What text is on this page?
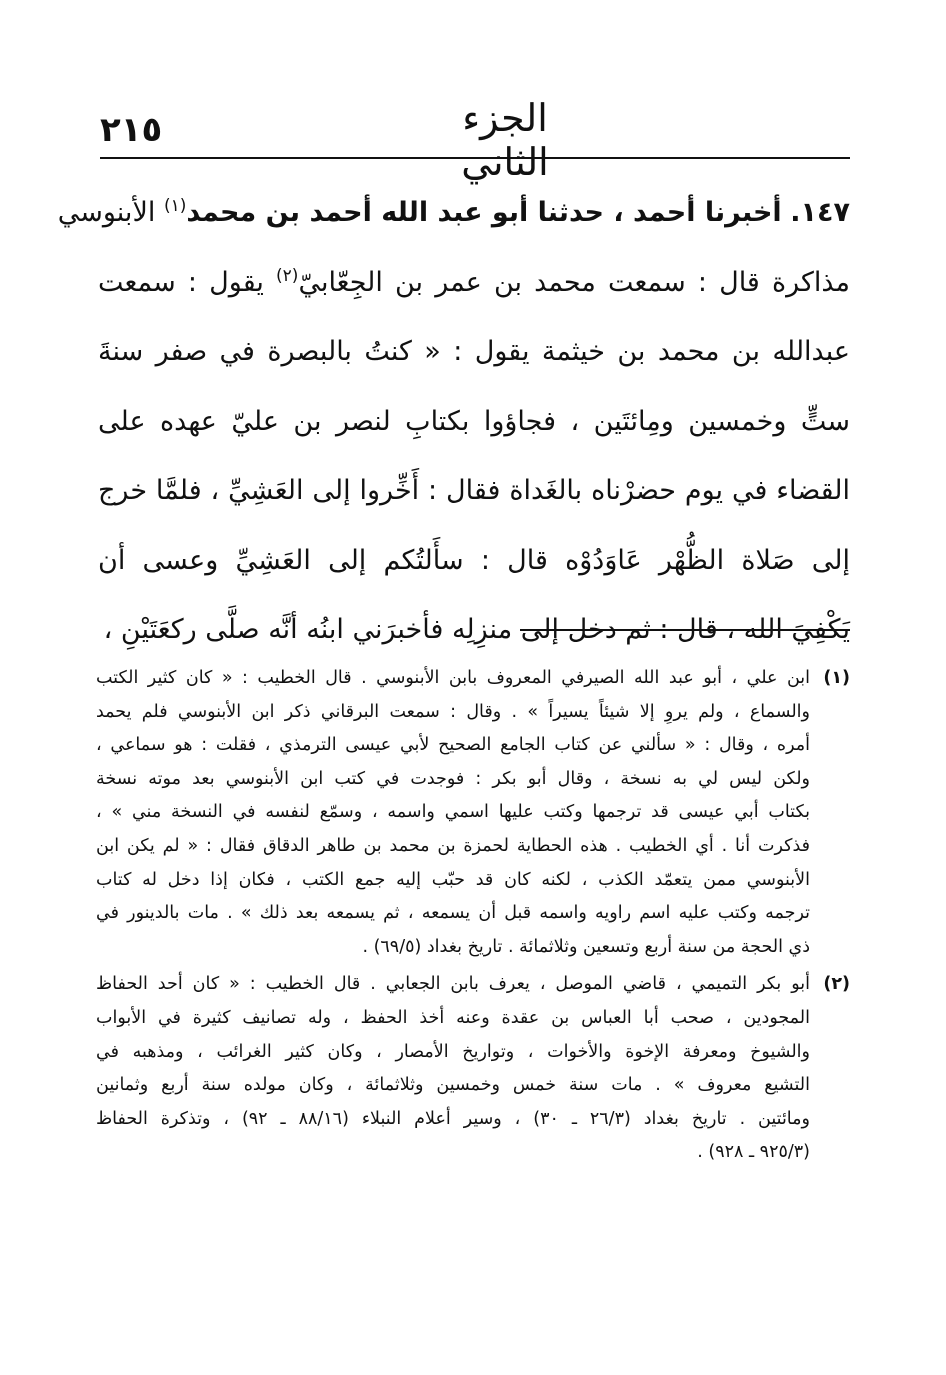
الجزء الثاني
٢١٥
١٤٧. أخبرنا أحمد ، حدثنا أبو عبد الله أحمد بن محمد$^{(١)}$ الأبنوسي
مذاكرة قال : سمعت محمد بن عمر بن الجِعّابيّ$^{(٢)}$ يقول : سمعت
عبدالله بن محمد بن خيثمة يقول : « كنتُ بالبصرة في صفر سنةَ
ستٍّ وخمسين ومِائتَين ، فجاؤوا بكتابِ لنصر بن عليّ عهده على
القضاء في يوم حضرْناه بالغَداة فقال : أَخِّروا إلى العَشِيِّ ، فلمَّا خرج
إلى صَلاة الظُّهْر عَاوَدُوْه قال : سأَلتُكم إلى العَشِيِّ وعسى أن
يَكْفِيَ الله ، قال : ثم دخل إلى منزِلِه فأخبرَني ابنُه أنَّه صلَّى ركعَتَيْنِ ،
(١)
ابن علي ، أبو عبد الله الصيرفي المعروف بابن الأبنوسي . قال الخطيب : « كان كثير الكتب
والسماع ، ولم يروِ إلا شيئاً يسيراً » . وقال : سمعت البرقاني ذكر ابن الأبنوسي فلم يحمد
أمره ، وقال : « سألني عن كتاب الجامع الصحيح لأبي عيسى الترمذي ، فقلت : هو سماعي ،
ولكن ليس لي به نسخة ، وقال أبو بكر : فوجدت في كتب ابن الأبنوسي بعد موته نسخة
بكتاب أبي عيسى قد ترجمها وكتب عليها اسمي واسمه ، وسمّع لنفسه في النسخة مني » ،
فذكرت أنا . أي الخطيب . هذه الحطاية لحمزة بن محمد بن طاهر الدقاق فقال : « لم يكن ابن
الأبنوسي ممن يتعمّد الكذب ، لكنه كان قد حبّب إليه جمع الكتب ، فكان إذا دخل له كتاب
ترجمه وكتب عليه اسم راويه واسمه قبل أن يسمعه ، ثم يسمعه بعد ذلك » . مات بالدينور في
ذي الحجة من سنة أربع وتسعين وثلاثمائة . تاريخ بغداد (٦٩/٥) .
(٢)
أبو بكر التميمي ، قاضي الموصل ، يعرف بابن الجعابي . قال الخطيب : « كان أحد الحفاظ
المجودين ، صحب أبا العباس بن عقدة وعنه أخذ الحفظ ، وله تصانيف كثيرة في الأبواب
والشيوخ ومعرفة الإخوة والأخوات ، وتواريخ الأمصار ، وكان كثير الغرائب ، ومذهبه في
التشيع معروف » . مات سنة خمس وخمسين وثلاثمائة ، وكان مولده سنة أربع وثمانين
ومائتين . تاريخ بغداد (٢٦/٣ ـ ٣٠) ، وسير أعلام النبلاء (٨٨/١٦ ـ ٩٢) ، وتذكرة الحفاظ
(٩٢٥/٣ ـ ٩٢٨) .
